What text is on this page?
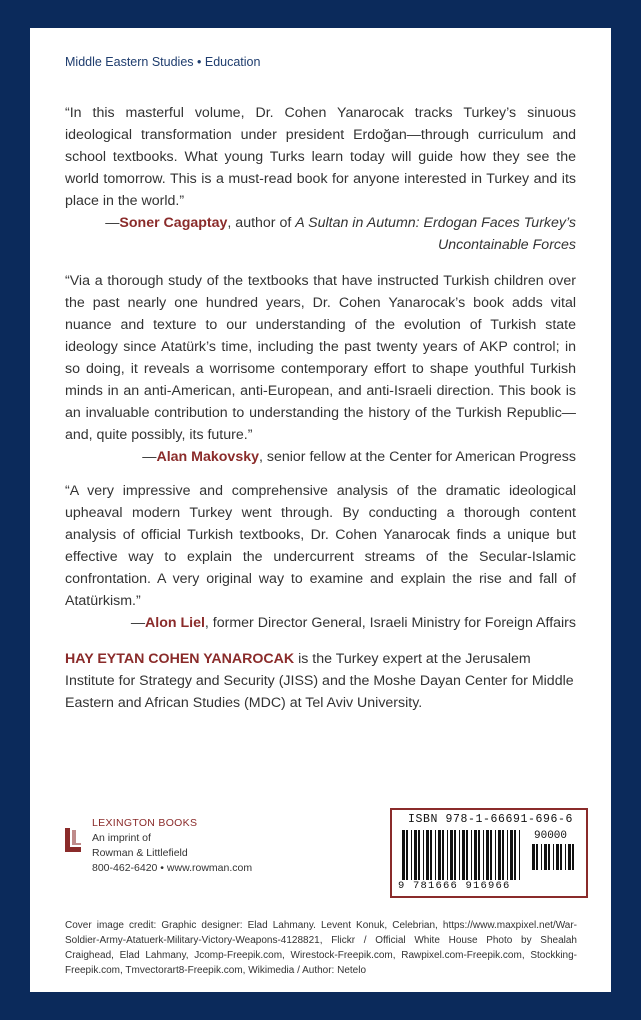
Middle Eastern Studies • Education

“In this masterful volume, Dr. Cohen Yanarocak tracks Turkey’s sinuous ideological transformation under president Erdoğan—through curriculum and school textbooks. What young Turks learn today will guide how they see the world tomorrow. This is a must-read book for anyone interested in Turkey and its place in the world.”

—Soner Cagaptay, author of A Sultan in Autumn: Erdogan Faces Turkey’s Uncontainable Forces

“Via a thorough study of the textbooks that have instructed Turkish children over the past nearly one hundred years, Dr. Cohen Yanarocak’s book adds vital nuance and texture to our understanding of the evolution of Turkish state ideology since Atatürk’s time, including the past twenty years of AKP control; in so doing, it reveals a worrisome contemporary effort to shape youthful Turkish minds in an anti-American, anti-European, and anti-Israeli direction. This book is an invaluable contribution to understanding the history of the Turkish Republic—and, quite possibly, its future.”

—Alan Makovsky, senior fellow at the Center for American Progress

“A very impressive and comprehensive analysis of the dramatic ideological upheaval modern Turkey went through. By conducting a thorough content analysis of official Turkish textbooks, Dr. Cohen Yanarocak finds a unique but effective way to explain the undercurrent streams of the Secular-Islamic confrontation. A very original way to examine and explain the rise and fall of Atatürkism.”

—Alon Liel, former Director General, Israeli Ministry for Foreign Affairs
HAY EYTAN COHEN YANAROCAK is the Turkey expert at the Jerusalem Institute for Strategy and Security (JISS) and the Moshe Dayan Center for Middle Eastern and African Studies (MDC) at Tel Aviv University.
LEXINGTON BOOKS
An imprint of
Rowman & Littlefield
800-462-6420 • www.rowman.com
ISBN 978-1-66691-696-6
90000
9 781666 916966
Cover image credit: Graphic designer: Elad Lahmany. Levent Konuk, Celebrian, https://www.maxpixel.net/War-Soldier-Army-Atatuerk-Military-Victory-Weapons-4128821, Flickr / Official White House Photo by Shealah Craighead, Elad Lahmany, Jcomp-Freepik.com, Wirestock-Freepik.com, Rawpixel.com-Freepik.com, Stockking-Freepik.com, Tmvectorart8-Freepik.com, Wikimedia / Author: Netelo
